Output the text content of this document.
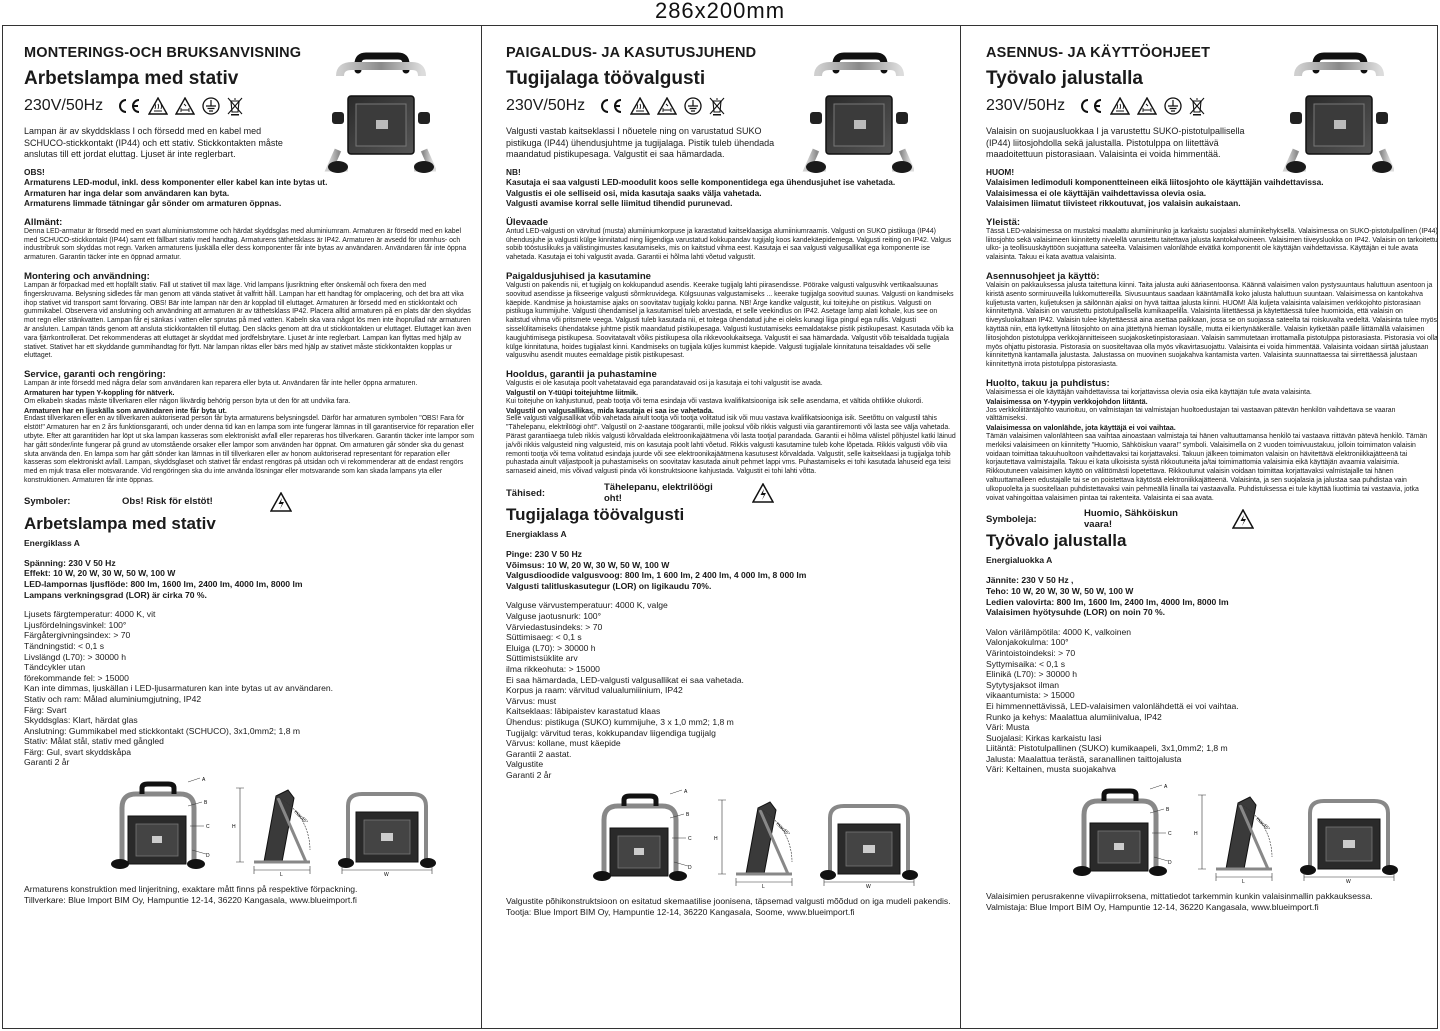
286x200mm
MONTERINGS-OCH BRUKSANVISNING
Arbetslampa med stativ
230V/50Hz
Lampan är av skyddsklass I och försedd med en kabel med SCHUCO-stickkontakt (IP44) och ett stativ. Stickkontakten måste anslutas till ett jordat eluttag. Ljuset är inte reglerbart.
OBS!
Armaturens LED-modul, inkl. dess komponenter eller kabel kan inte bytas ut.
Armaturen har inga delar som användaren kan byta.
Armaturens limmade tätningar går sönder om armaturen öppnas.
Allmänt:
Denna LED-armatur är försedd med en svart aluminiumstomme och härdat skyddsglas med aluminiumram. Armaturen är försedd med en kabel med SCHUCO-stickkontakt (IP44) samt ett fällbart stativ med handtag. Armaturens täthetsklass är IP42. Armaturen är avsedd för utomhus- och industribruk som skyddas mot regn. Varken armaturens ljuskälla eller dess komponenter får inte bytas av användaren. Användaren får inte öppna armaturen. Garantin täcker inte en öppnad armatur.
Montering och användning:
Lampan är förpackad med ett hopfällt stativ. Fäll ut stativet till max läge. Vrid lampans ljusriktning efter önskemål och fixera den med fingerskruvarna. Belysning sidledes får man genom att vända stativet åt valfritt håll. Lampan har ett handtag för omplacering, och det bra att vika ihop stativet vid transport samt förvaring. OBS! Bär inte lampan när den är kopplad till eluttaget. Armaturen är försedd med en stickkontakt och gummikabel. Observera vid anslutning och användning att armaturen är av täthetsklass IP42. Placera alltid armaturen på en plats där den skyddas mot regn eller stänkvatten. Lampan får ej sänkas i vatten eller sprutas på med vatten. Kabeln ska vara något lös men inte ihoprullad när armaturen är ansluten. Lampan tänds genom att ansluta stickkontakten till eluttag. Den släcks genom att dra ut stickkontakten ur eluttaget. Eluttaget kan även vara fjärrkontrollerat. Det rekommenderas att eluttaget är skyddat med jordfelsbrytare. Ljuset är inte reglerbart. Lampan kan flyttas med hjälp av stativet. Stativet har ett skyddande gummihandtag för flytt. När lampan riktas eller bärs med hjälp av stativet måste stickkontakten kopplas ur eluttaget.
Service, garanti och rengöring:
Lampan är inte försedd med några delar som användaren kan reparera eller byta ut. Användaren får inte heller öppna armaturen.
Armaturen har typen Y-koppling för nätverk.
Om elkabeln skadas måste tillverkaren eller någon likvärdig behörig person byta ut den för att undvika fara.
Armaturen har en ljuskälla som användaren inte får byta ut.
Endast tillverkaren eller en av tillverkaren auktoriserad person får byta armaturens belysningsdel. Därför har armaturen symbolen "OBS! Fara för elstöt!" Armaturen har en 2 års funktionsgaranti, och under denna tid kan en lampa som inte fungerar lämnas in till garantiservice för reparation eller utbyte. Efter att garantitiden har löpt ut ska lampan kasseras som elektroniskt avfall eller repareras hos tillverkaren. Garantin täcker inte lampor som har gått sönder/inte fungerar på grund av utomstående orsaker eller lampor som använden har öppnat. Om armaturen går sönder ska du genast sluta använda den. En lampa som har gått sönder kan lämnas in till tillverkaren eller av honom auktoriserad representant för reparation eller kasseras som elektroniskt avfall. Lampan, skyddsglaset och stativet får endast rengöras på utsidan och vi rekommenderar att de endast rengörs med en mjuk trasa eller motsvarande. Vid rengöringen ska du inte använda lösningar eller motsvarande som kan skada lampans yta eller konstruktionen. Armaturen får inte öppnas.
Symboler:	Obs! Risk för elstöt!
Arbetslampa med stativ
Energiklass A
Spänning: 230 V 50 Hz
Effekt: 10 W, 20 W, 30 W, 50 W, 100 W
LED-lampornas ljusflöde: 800 lm, 1600 lm, 2400 lm, 4000 lm, 8000 lm
Lampans verkningsgrad (LOR) är cirka 70 %.
Ljusets färgtemperatur: 4000 K, vit
Ljusfördelningsvinkel: 100°
Färgåtergivningsindex: > 70
Tändningstid: < 0,1 s
Livslängd (L70): > 30000 h
Tändcykler utan
förekommande fel: > 15000
Kan inte dimmas, ljuskällan i LED-ljusarmaturen kan inte bytas ut av användaren.
Stativ och ram: Målad aluminiumgjutning, IP42
Färg: Svart
Skyddsglas: Klart, härdat glas
Anslutning: Gummikabel med stickkontakt (SCHUCO), 3x1,0mm2; 1,8 m
Stativ: Målat stål, stativ med gångled
Färg: Gul, svart skyddskåpa
Garanti 2 år
A
B
C
D
H
max45°
L	W
Armaturens konstruktion med linjeritning, exaktare mått finns på respektive förpackning.
Tillverkare: Blue Import BIM Oy, Hampuntie 12-14, 36220 Kangasala, www.blueimport.fi
PAIGALDUS- JA KASUTUSJUHEND
Tugijalaga töövalgusti
230V/50Hz
Valgusti vastab kaitseklassi I nõuetele ning on varustatud SUKO pistikuga (IP44) ühendusjuhtme ja tugijalaga. Pistik tuleb ühendada maandatud pistikupesaga. Valgustit ei saa hämardada.
NB!
Kasutaja ei saa valgusti LED-moodulit koos selle komponentidega ega ühendusjuhet ise vahetada.
Valgustis ei ole selliseid osi, mida kasutaja saaks välja vahetada.
Valgusti avamise korral selle liimitud tihendid purunevad.
Ülevaade
Antud LED-valgusti on värvitud (musta) alumiiniumkorpuse ja karastatud kaitseklaasiga alumiiniumraamis. Valgusti on SUKO pistikuga (IP44) ühendusjuhe ja valgusti külge kinnitatud ning liigendiga varustatud kokkupandav tugijalg koos kandekäepidemega. Valgusti reiting on IP42. Valgus sobib tööstuslikuks ja välistingimustes kasutamiseks, mis on kaitstud vihma eest. Kasutaja ei saa valgusti valgusallikat ega komponente ise vahetada. Kasutaja ei tohi valgustit avada. Garantii ei hõlma lahti võetud valgustit.
Paigaldusjuhised ja kasutamine
Valgusti on pakendis nii, et tugijalg on kokkupandud asendis. Keerake tugijalg lahti piirasendisse. Pöörake valgusti valgusvihk vertikaalsuunas soovitud asendisse ja fikseerige valgusti sõrmkruvidega. Külgsuunas valgustamiseks ... keerake tugijalga soovitud suunas. Valgusti on kandmiseks käepide. Kandmise ja hoiustamise ajaks on soovitatav tugijalg kokku panna. NB! Ärge kandke valgustit, kui toitejuhe on pistikus. Valgusti on pistikuga kummijuhe. Valgusti ühendamisel ja kasutamisel tuleb arvestada, et selle veekindlus on IP42. Asetage lamp alati kohale, kus see on kaitstud vihma või pritsmete veega. Valgusti tuleb kasutada nii, et toitega ühendatud juhe ei oleks kunagi liiga pingul ega rullis. Valgusti sisselülitamiseks ühendatakse juhtme pistik maandatud pistikupesaga. Valgusti kustutamiseks eemaldatakse pistik pistikupesast. Kasutada võib ka kaugjuhtimisega pistikupesa. Soovitatavalt võiks pistikupesa olla rikkevoolukaitsega. Valgustit ei saa hämardada. Valgustit võib teisaldada tugijala külge kinnitatuna, hoides tugijalast kinni. Kandmiseks on tugijala küljes kummist käepide. Valgusti tugijalale kinnitatuna teisaldades või selle valgusvihu asendit muutes eemaldage pistik pistikupesast.
Hooldus, garantii ja puhastamine
Valgustis ei ole kasutaja poolt vahetatavaid ega parandatavaid osi ja kasutaja ei tohi valgustit ise avada.
Valgustil on Y-tüüpi toitejuhtme liitmik.
Kui toitejuhe on kahjustunud, peab tootja või tema esindaja või vastava kvalifikatsiooniga isik selle asendama, et vältida ohtlikke olukordi.
Valgustil on valgusallikas, mida kasutaja ei saa ise vahetada.
Selle valgusti valgusallikat võib vahetada ainult tootja või tootja volitatud isik või muu vastava kvalifikatsiooniga isik. Seetõttu on valgustil tähis "Tähelepanu, elektrilöögi oht!". Valgustil on 2-aastane töögarantii, mille jooksul võib rikkis valgusti viia garantiiremonti või lasta see välja vahetada. Pärast garantiiaega tuleb rikkis valgusti kõrvaldada elektroonikajäätmena või lasta tootjal parandada. Garantii ei hõlma välistel põhjustel katki läinud ja/või rikkis valgusteid ning valgusteid, mis on kasutaja poolt lahti võetud. Rikkis valgusti kasutamine tuleb kohe lõpetada. Rikkis valgusti võib viia remonti tootja või tema volitatud esindaja juurde või see elektroonikajäätmena kasutusest kõrvaldada. Valgustit, selle kaitseklaasi ja tugijalga tohib puhastada ainult väljastpoolt ja puhastamiseks on soovitatav kasutada ainult pehmet lappi vms. Puhastamiseks ei tohi kasutada lahuseid ega teisi sarnaseid aineid, mis võivad valgusti pinda või konstruktsioone kahjustada. Valgustit ei tohi lahti võtta.
Tähised:	Tähelepanu, elektrilöögi oht!
Tugijalaga töövalgusti
Energiaklass A
Pinge: 230 V 50 Hz
Võimsus: 10 W, 20 W, 30 W, 50 W, 100 W
Valgusdioodide valgusvoog: 800 lm, 1 600 lm, 2 400 lm, 4 000 lm, 8 000 lm
Valgusti talitluskasutegur (LOR) on ligikaudu 70%.
Valguse värvustemperatuur: 4000 K, valge
Valguse jaotusnurk: 100°
Värviedastusindeks: > 70
Süttimisaeg: < 0,1 s
Eluiga (L70): > 30000 h
Süttimistsüklite arv
ilma rikkeohuta: > 15000
Ei saa hämardada, LED-valgusti valgusallikat ei saa vahetada.
Korpus ja raam: värvitud valualumiiinium, IP42
Värvus: must
Kaitseklaas: läbipaistev karastatud klaas
Ühendus: pistikuga (SUKO) kummijuhe, 3 x 1,0 mm2; 1,8 m
Tugijalg: värvitud teras, kokkupandav liigendiga tugijalg
Värvus: kollane, must käepide
Garantii 2 aastat.
Valgustite
Garanti 2 år
A
B
C
D
H
max45°
L	W
Valgustite põhikonstruktsioon on esitatud skemaatilise joonisena, täpsemad valgusti mõõdud on iga mudeli pakendis.
Tootja: Blue Import BIM Oy, Hampuntie 12-14, 36220 Kangasala, Soome, www.blueimport.fi
ASENNUS- JA KÄYTTÖOHJEET
Työvalo jalustalla
230V/50Hz
Valaisin on suojausluokkaa I ja varustettu SUKO-pistotulpallisella (IP44) liitosjohdolla sekä jalustalla. Pistotulppa on liitettävä maadoitettuun pistorasiaan. Valaisinta ei voida himmentää.
HUOM!
Valaisimen ledimoduli komponentteineen eikä liitosjohto ole käyttäjän vaihdettavissa.
Valaisimessa ei ole käyttäjän vaihdettavissa olevia osia.
Valaisimen liimatut tiivisteet rikkoutuvat, jos valaisin aukaistaan.
Yleistä:
Tässä LED-valaisimessa on mustaksi maalattu alumiinirunko ja karkaistu suojalasi alumiinikehyksellä. Valaisimessa on SUKO-pistotulpallinen (IP44) liitosjohto sekä valaisimeen kiinnitetty nivelellä varustettu taitettava jalusta kantokahvoineen. Valaisimen tiiveysluokka on IP42. Valaisin on tarkoitettu ulko- ja teollisuuskäyttöön suojattuna sateelta. Valaisimen valonlähde eivätkä komponentit ole käyttäjän vaihdettavissa. Käyttäjän ei tule avata valaisinta. Takuu ei kata avattua valaisinta.
Asennusohjeet ja käyttö:
Valaisin on pakkauksessa jalusta taitettuna kiinni. Taita jalusta auki ääriasentoonsa. Käännä valaisimen valon pystysuuntaus haluttuun asentoon ja kiristä asento sormiruuveilla lukkomuttereilla. Sivusuuntaus saadaan kääntämällä koko jalusta haluttuun suuntaan. Valaisimessa on kantokahva kuljetusta varten, kuljetuksen ja säilönnän ajaksi on hyvä taittaa jalusta kiinni. HUOM! Älä kuljeta valaisinta valaisimen verkkojohto pistorasiaan kiinnitettynä. Valaisin on varustettu pistotulpallisella kumikaapelilla. Valaisinta liitettäessä ja käytettäessä tulee huomioida, että valaisin on tiiveysluokaltaan IP42. Valaisin tulee käytettäessä aina asettaa paikkaan, jossa se on suojassa sateelta tai roiskuvalta vedeltä. Valaisinta tulee myös käyttää niin, että kytkettynä liitosjohto on aina jätettynä hieman löysälle, mutta ei kiertynääkerälle. Valaisin kytketään päälle liittämällä valaisimen liitosjohdon pistotulppa verkkojännitteiseen suojakosketinpistorasiaan. Valaisin sammutetaan irrottamalla pistotulppa pistorasiasta. Pistorasia voi olla myös ohjattu pistorasia. Pistorasia on suositeltavaa olla myös vikavirtasuojattu. Valaisinta ei voida himmentää. Valaisinta voidaan siirtää jalustaan kiinnitettynä kantamalla jalustasta. Jalustassa on muovinen suojakahva kantamista varten. Valaisinta suunnattaessa tai siirrettäessä jalustaan kiinnitettynä irrota pistotulppa pistorasiasta.
Huolto, takuu ja puhdistus:
Valaisimessa ei ole käyttäjän vaihdettavissa tai korjattavissa olevia osia eikä käyttäjän tule avata valaisinta.
Valaisimessa on Y-tyypin verkkojohdon liitäntä.
Jos verkkoliitäntäjohto vaurioituu, on valmistajan tai valmistajan huoltoedustajan tai vastaavan pätevän henkilön vaihdettava se vaaran välttämiseksi.
Valaisimessa on valonlähde, jota käyttäjä ei voi vaihtaa.
Tämän valaisimen valonlähteen saa vaihtaa ainoastaan valmistaja tai hänen valtuuttamansa henkilö tai vastaava riittävän pätevä henkilö. Tämän merkiksi valaisimeen on kiinnitetty "Huomio, Sähköiskun vaara!" symboli. Valaisimella on 2 vuoden toimivuustakuu, jolloin toimimaton valaisin voidaan toimittaa takuuhuoltoon vaihdettavaksi tai korjattavaksi. Takuun jälkeen toimimaton valaisin on hävitettävä elektroniikkajätteenä tai korjautettava valmistajalla. Takuu ei kata ulkoisista syistä rikkoutuneita ja/tai toimimattomia valaisimia eikä käyttäjän avaamia valaisimia. Rikkoutuneen valaisimen käyttö on välittömästi lopetettava. Rikkoutunut valaisin voidaan toimittaa korjattavaksi valmistajalle tai hänen valtuuttamalleen edustajalle tai se on poistettava käytöstä elektroniikkajätteenä. Valaisinta, ja sen suojalasia ja jalustaa saa puhdistaa vain ulkopuolelta ja suositellaan puhdistettavaksi vain pehmeällä liinalla tai vastaavalla. Puhdistuksessa ei tule käyttää liuottimia tai vastaavia, jotka voivat vahingoittaa valaisimen pintaa tai rakenteita. Valaisinta ei saa avata.
Symboleja:	Huomio, Sähköiskun vaara!
Työvalo jalustalla
Energialuokka A
Jännite: 230 V 50 Hz ,
Teho: 10 W, 20 W, 30 W, 50 W, 100 W
Ledien valovirta: 800 lm, 1600 lm, 2400 lm, 4000 lm, 8000 lm
Valaisimen hyötysuhde (LOR) on noin 70 %.
Valon värilämpötila: 4000 K, valkoinen
Valonjakokulma: 100°
Värintoistoindeksi: > 70
Syttymisaika: < 0,1 s
Elinikä (L70): > 30000 h
Sytytysjaksot ilman
vikaantumista: > 15000
Ei himmennettävissä, LED-valaisimen valonlähdettä ei voi vaihtaa.
Runko ja kehys: Maalattua alumiinivalua, IP42
Väri: Musta
Suojalasi: Kirkas karkaistu lasi
Liitäntä: Pistotulpallinen (SUKO) kumikaapeli, 3x1,0mm2; 1,8 m
Jalusta: Maalattua terästä, saranallinen taittojalusta
Väri: Keltainen, musta suojakahva
A
B
C
D
H
max45°
L	W
Valaisimien perusrakenne viivapiirroksena, mittatiedot tarkemmin kunkin valaisinmallin pakkauksessa.
Valmistaja: Blue Import BIM Oy, Hampuntie 12-14, 36220 Kangasala, www.blueimport.fi
